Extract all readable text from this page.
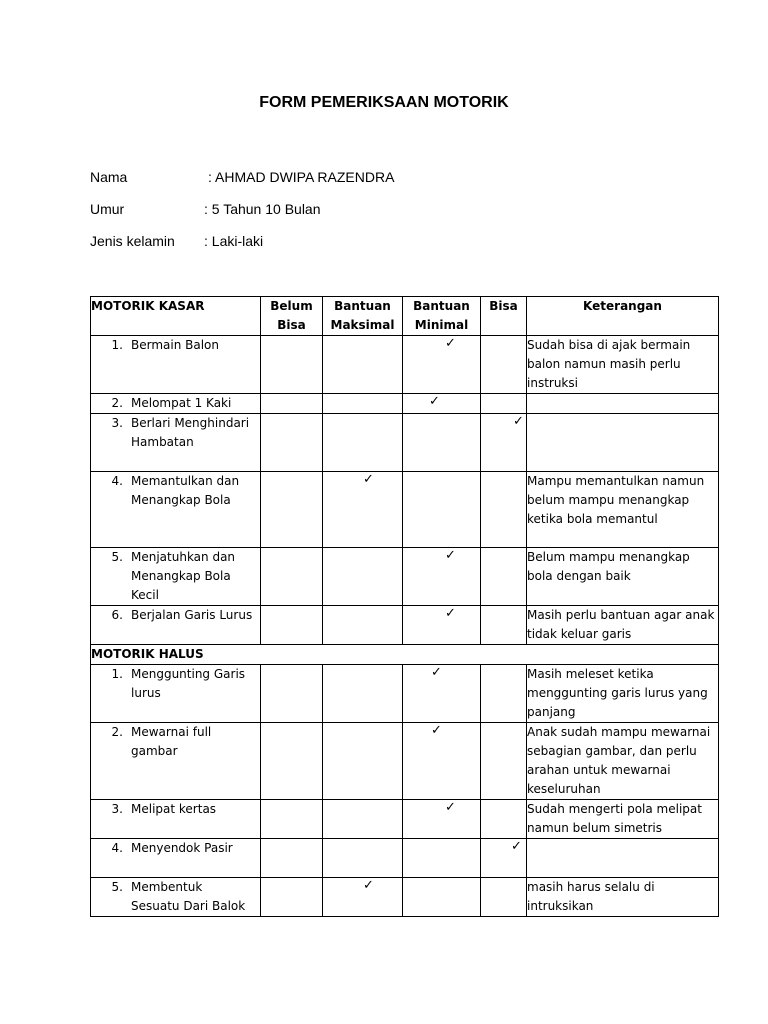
FORM PEMERIKSAAN MOTORIK
Nama	: AHMAD DWIPA RAZENDRA
Umur	: 5 Tahun 10 Bulan
Jenis kelamin : Laki-laki
MOTORIK KASAR	Belum Bisa	Bantuan Maksimal	Bantuan Minimal	Bisa	Keterangan

1. Bermain Balon			✓		Sudah bisa di ajak bermain balon namun masih perlu instruksi

2. Melompat 1 Kaki			✓		

3. Berlari Menghindari Hambatan				✓	

4. Memantulkan dan Menangkap Bola		✓			Mampu memantulkan namun belum mampu menangkap ketika bola memantul

5. Menjatuhkan dan Menangkap Bola Kecil			✓		Belum mampu menangkap bola dengan baik

6. Berjalan Garis Lurus			✓		Masih perlu bantuan agar anak tidak keluar garis
MOTORIK HALUS					

1. Menggunting Garis lurus			✓		Masih meleset ketika menggunting garis lurus yang panjang

2. Mewarnai full gambar			✓		Anak sudah mampu mewarnai sebagian gambar, dan perlu arahan untuk mewarnai keseluruhan

3. Melipat kertas			✓		Sudah mengerti pola melipat namun belum simetris

4. Menyendok Pasir				✓	

5. Membentuk Sesuatu Dari Balok		✓			masih harus selalu di intruksikan
